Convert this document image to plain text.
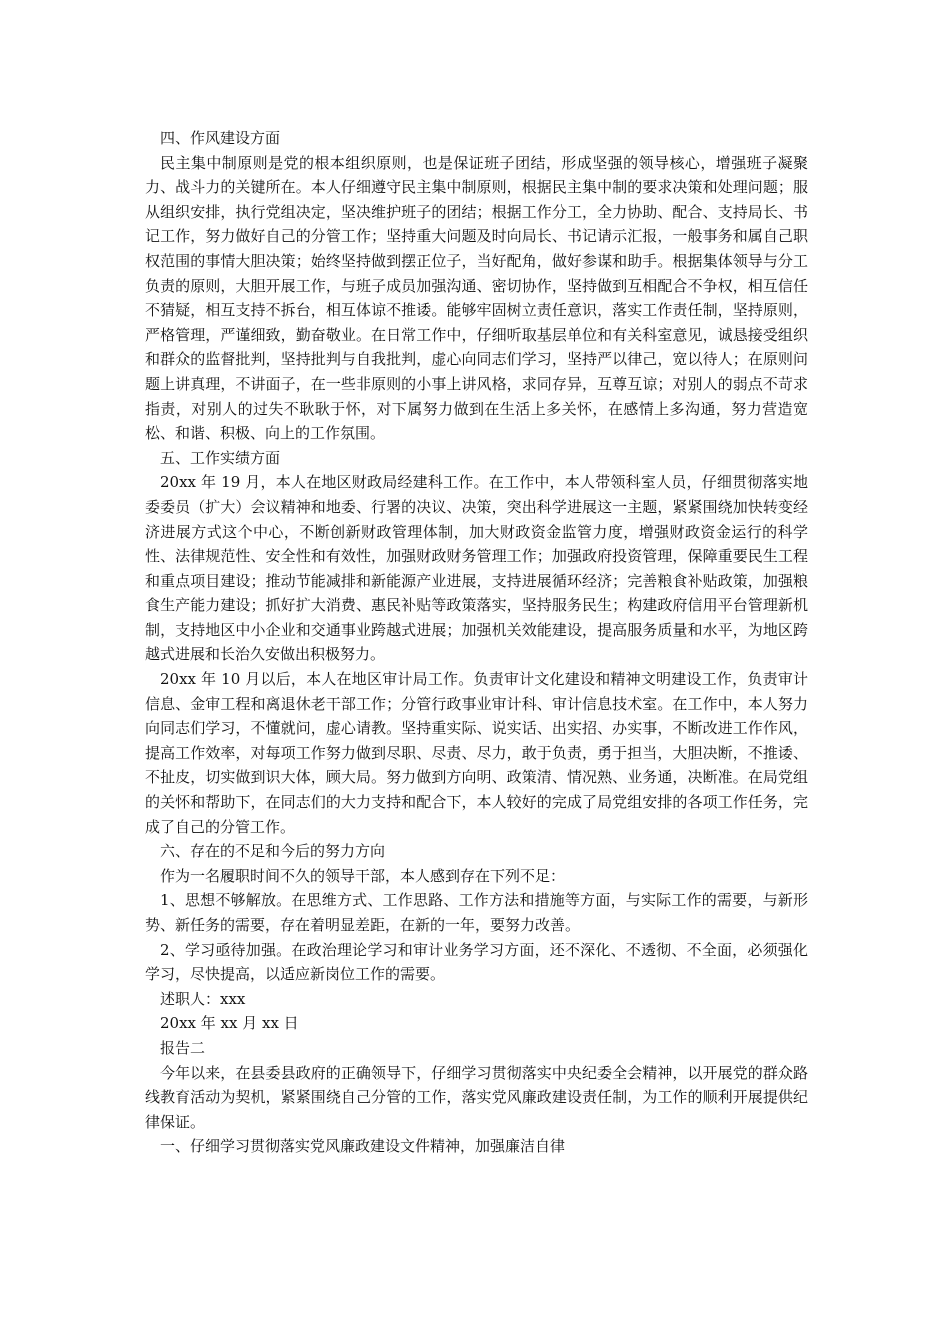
四、作风建设方面

民主集中制原则是党的根本组织原则，也是保证班子团结，形成坚强的领导核心，增强班子凝聚力、战斗力的关键所在。本人仔细遵守民主集中制原则，根据民主集中制的要求决策和处理问题；服从组织安排，执行党组决定，坚决维护班子的团结；根据工作分工，全力协助、配合、支持局长、书记工作，努力做好自己的分管工作；坚持重大问题及时向局长、书记请示汇报，一般事务和属自己职权范围的事情大胆决策；始终坚持做到摆正位子，当好配角，做好参谋和助手。根据集体领导与分工负责的原则，大胆开展工作，与班子成员加强沟通、密切协作，坚持做到互相配合不争权，相互信任不猜疑，相互支持不拆台，相互体谅不推诿。能够牢固树立责任意识，落实工作责任制，坚持原则，严格管理，严谨细致，勤奋敬业。在日常工作中，仔细听取基层单位和有关科室意见，诚恳接受组织和群众的监督批判，坚持批判与自我批判，虚心向同志们学习，坚持严以律己，宽以待人；在原则问题上讲真理，不讲面子，在一些非原则的小事上讲风格，求同存异，互尊互谅；对别人的弱点不苛求指责，对别人的过失不耿耿于怀，对下属努力做到在生活上多关怀，在感情上多沟通，努力营造宽松、和谐、积极、向上的工作氛围。

五、工作实绩方面

20xx 年 19 月，本人在地区财政局经建科工作。在工作中，本人带领科室人员，仔细贯彻落实地委委员（扩大）会议精神和地委、行署的决议、决策，突出科学进展这一主题，紧紧围绕加快转变经济进展方式这个中心，不断创新财政管理体制，加大财政资金监管力度，增强财政资金运行的科学性、法律规范性、安全性和有效性，加强财政财务管理工作；加强政府投资管理，保障重要民生工程和重点项目建设；推动节能减排和新能源产业进展，支持进展循环经济；完善粮食补贴政策，加强粮食生产能力建设；抓好扩大消费、惠民补贴等政策落实，坚持服务民生；构建政府信用平台管理新机制，支持地区中小企业和交通事业跨越式进展；加强机关效能建设，提高服务质量和水平，为地区跨越式进展和长治久安做出积极努力。

20xx 年 10 月以后，本人在地区审计局工作。负责审计文化建设和精神文明建设工作，负责审计信息、金审工程和离退休老干部工作；分管行政事业审计科、审计信息技术室。在工作中，本人努力向同志们学习，不懂就问，虚心请教。坚持重实际、说实话、出实招、办实事，不断改进工作作风，提高工作效率，对每项工作努力做到尽职、尽责、尽力，敢于负责，勇于担当，大胆决断，不推诿、不扯皮，切实做到识大体，顾大局。努力做到方向明、政策清、情况熟、业务通，决断准。在局党组的关怀和帮助下，在同志们的大力支持和配合下，本人较好的完成了局党组安排的各项工作任务，完成了自己的分管工作。

六、存在的不足和今后的努力方向

作为一名履职时间不久的领导干部，本人感到存在下列不足：

1、思想不够解放。在思维方式、工作思路、工作方法和措施等方面，与实际工作的需要，与新形势、新任务的需要，存在着明显差距，在新的一年，要努力改善。

2、学习亟待加强。在政治理论学习和审计业务学习方面，还不深化、不透彻、不全面，必须强化学习，尽快提高，以适应新岗位工作的需要。

述职人：xxx

20xx 年 xx 月 xx 日

报告二

今年以来，在县委县政府的正确领导下，仔细学习贯彻落实中央纪委全会精神，以开展党的群众路线教育活动为契机，紧紧围绕自己分管的工作，落实党风廉政建设责任制，为工作的顺利开展提供纪律保证。

一、仔细学习贯彻落实党风廉政建设文件精神，加强廉洁自律
